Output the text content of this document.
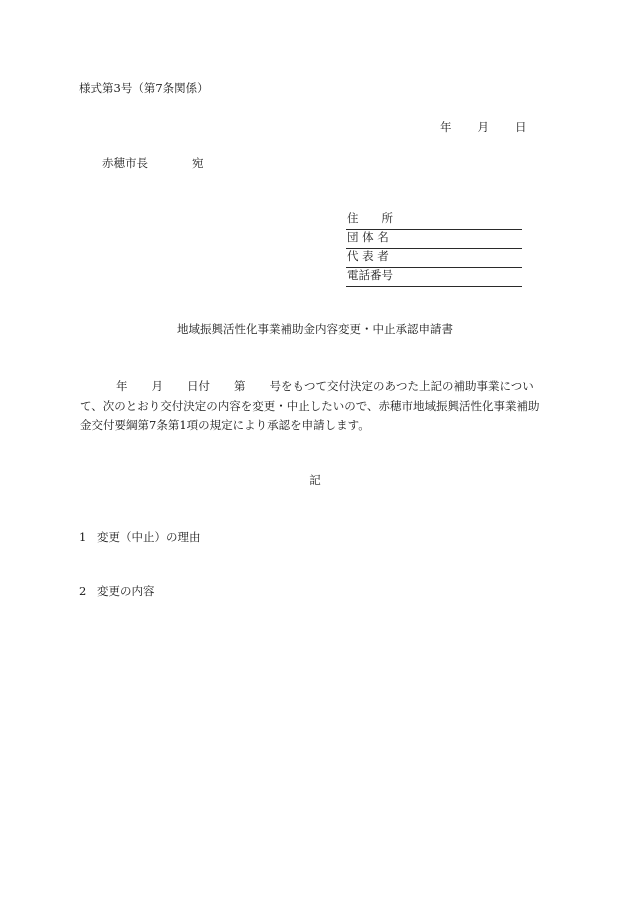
様式第3号（第7条関係）
年 月 日
赤穂市長	宛
住　　所
団 体 名
代 表 者
電話番号
地域振興活性化事業補助金内容変更・中止承認申請書
年 月 日付 第 号をもつて交付決定のあつた上記の補助事業につい
て、次のとおり交付決定の内容を変更・中止したいので、赤穂市地域振興活性化事業補助
金交付要綱第7条第1項の規定により承認を申請します。
記
1 変更（中止）の理由
2 変更の内容
